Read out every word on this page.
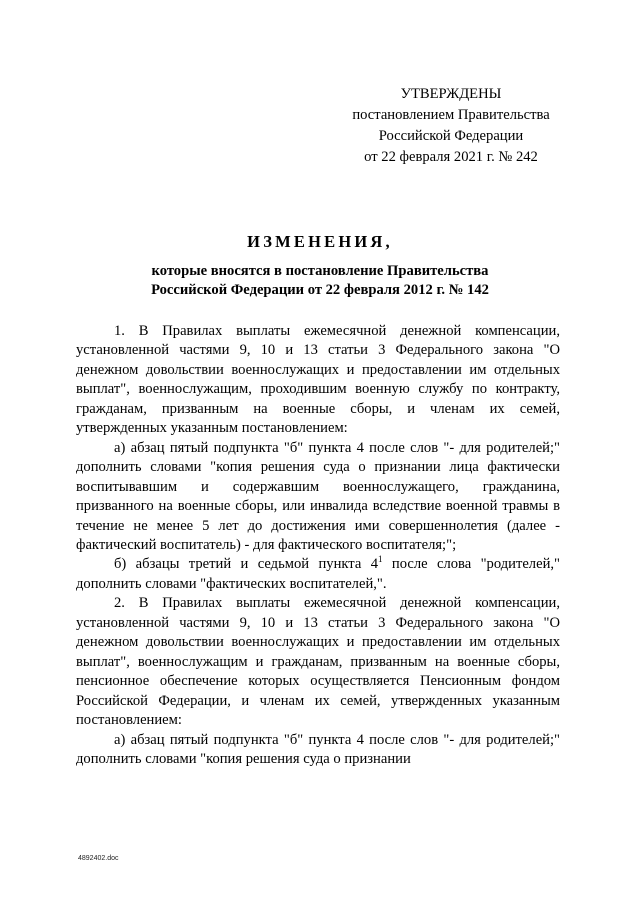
УТВЕРЖДЕНЫ
постановлением Правительства
Российской Федерации
от 22 февраля 2021 г. № 242
ИЗМЕНЕНИЯ,
которые вносятся в постановление Правительства
Российской Федерации от 22 февраля 2012 г. № 142

1. В Правилах выплаты ежемесячной денежной компенсации, установленной частями 9, 10 и 13 статьи 3 Федерального закона "О денежном довольствии военнослужащих и предоставлении им отдельных выплат", военнослужащим, проходившим военную службу по контракту, гражданам, призванным на военные сборы, и членам их семей, утвержденных указанным постановлением:

а) абзац пятый подпункта "б" пункта 4 после слов "- для родителей;" дополнить словами "копия решения суда о признании лица фактически воспитывавшим и содержавшим военнослужащего, гражданина, призванного на военные сборы, или инвалида вследствие военной травмы в течение не менее 5 лет до достижения ими совершеннолетия (далее - фактический воспитатель) - для фактического воспитателя;";

б) абзацы третий и седьмой пункта $4^1$ после слова "родителей," дополнить словами "фактических воспитателей,".

2. В Правилах выплаты ежемесячной денежной компенсации, установленной частями 9, 10 и 13 статьи 3 Федерального закона "О денежном довольствии военнослужащих и предоставлении им отдельных выплат", военнослужащим и гражданам, призванным на военные сборы, пенсионное обеспечение которых осуществляется Пенсионным фондом Российской Федерации, и членам их семей, утвержденных указанным постановлением:

а) абзац пятый подпункта "б" пункта 4 после слов "- для родителей;" дополнить словами "копия решения суда о признании

4892402.doc
